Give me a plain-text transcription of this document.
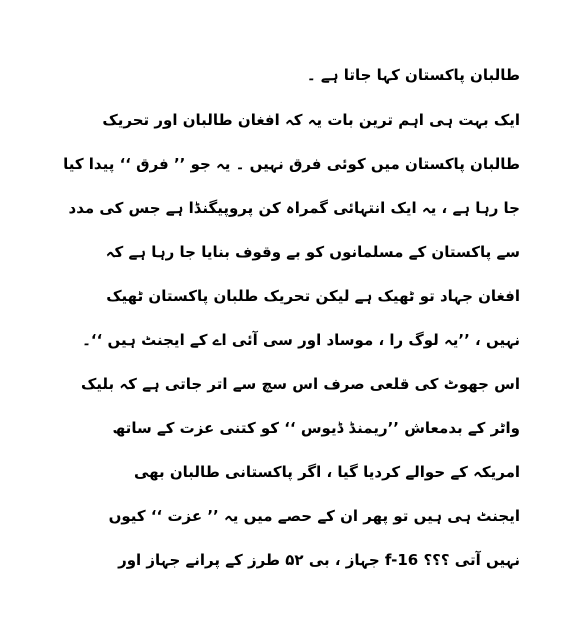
طالبان پاکستان کہا جاتا ہے ۔
ایک بہت ہی اہم ترین بات یہ کہ افغان طالبان اور تحریک
طالبان پاکستان میں کوئی فرق نہیں ۔ یہ جو ’’ فرق ‘‘ پیدا کیا
جا رہا ہے ، یہ ایک انتہائی گمراہ کن پروپیگنڈا ہے جس کی مدد
سے پاکستان کے مسلمانوں کو بے وقوف بنایا جا رہا ہے کہ
افغان جہاد تو ٹھیک ہے لیکن تحریک طلبان پاکستان ٹھیک
نہیں ، ’’یہ لوگ را ، موساد اور سی آئی اے کے ایجنٹ ہیں ‘‘۔
اس جھوٹ کی قلعی صرف اس سچ سے اتر جاتی ہے کہ بلیک
واٹر کے بدمعاش ’’ریمنڈ ڈیوس ‘‘ کو کتنی عزت کے ساتھ
امریکہ کے حوالے کردیا گیا ، اگر پاکستانی طالبان بھی
ایجنٹ ہی ہیں تو پھر ان کے حصے میں یہ ’’ عزت ‘‘ کیوں
نہیں آتی ؟؟؟ f-16 جہاز ، بی ۵۲ طرز کے پرانے جہاز اور
